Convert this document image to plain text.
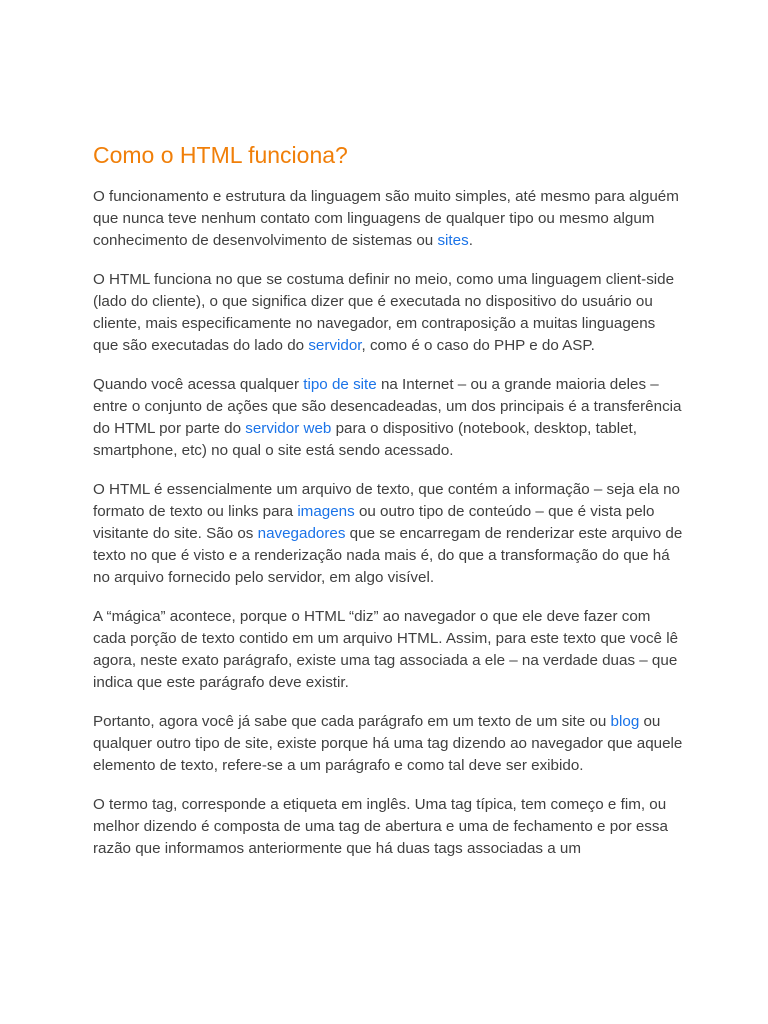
Como o HTML funciona?

O funcionamento e estrutura da linguagem são muito simples, até mesmo para alguém que nunca teve nenhum contato com linguagens de qualquer tipo ou mesmo algum conhecimento de desenvolvimento de sistemas ou sites.

O HTML funciona no que se costuma definir no meio, como uma linguagem client-side (lado do cliente), o que significa dizer que é executada no dispositivo do usuário ou cliente, mais especificamente no navegador, em contraposição a muitas linguagens que são executadas do lado do servidor, como é o caso do PHP e do ASP.

Quando você acessa qualquer tipo de site na Internet – ou a grande maioria deles – entre o conjunto de ações que são desencadeadas, um dos principais é a transferência do HTML por parte do servidor web para o dispositivo (notebook, desktop, tablet, smartphone, etc) no qual o site está sendo acessado.

O HTML é essencialmente um arquivo de texto, que contém a informação – seja ela no formato de texto ou links para imagens ou outro tipo de conteúdo – que é vista pelo visitante do site. São os navegadores que se encarregam de renderizar este arquivo de texto no que é visto e a renderização nada mais é, do que a transformação do que há no arquivo fornecido pelo servidor, em algo visível.

A “mágica” acontece, porque o HTML “diz” ao navegador o que ele deve fazer com cada porção de texto contido em um arquivo HTML. Assim, para este texto que você lê agora, neste exato parágrafo, existe uma tag associada a ele – na verdade duas – que indica que este parágrafo deve existir.

Portanto, agora você já sabe que cada parágrafo em um texto de um site ou blog ou qualquer outro tipo de site, existe porque há uma tag dizendo ao navegador que aquele elemento de texto, refere-se a um parágrafo e como tal deve ser exibido.

O termo tag, corresponde a etiqueta em inglês. Uma tag típica, tem começo e fim, ou melhor dizendo é composta de uma tag de abertura e uma de fechamento e por essa razão que informamos anteriormente que há duas tags associadas a um
